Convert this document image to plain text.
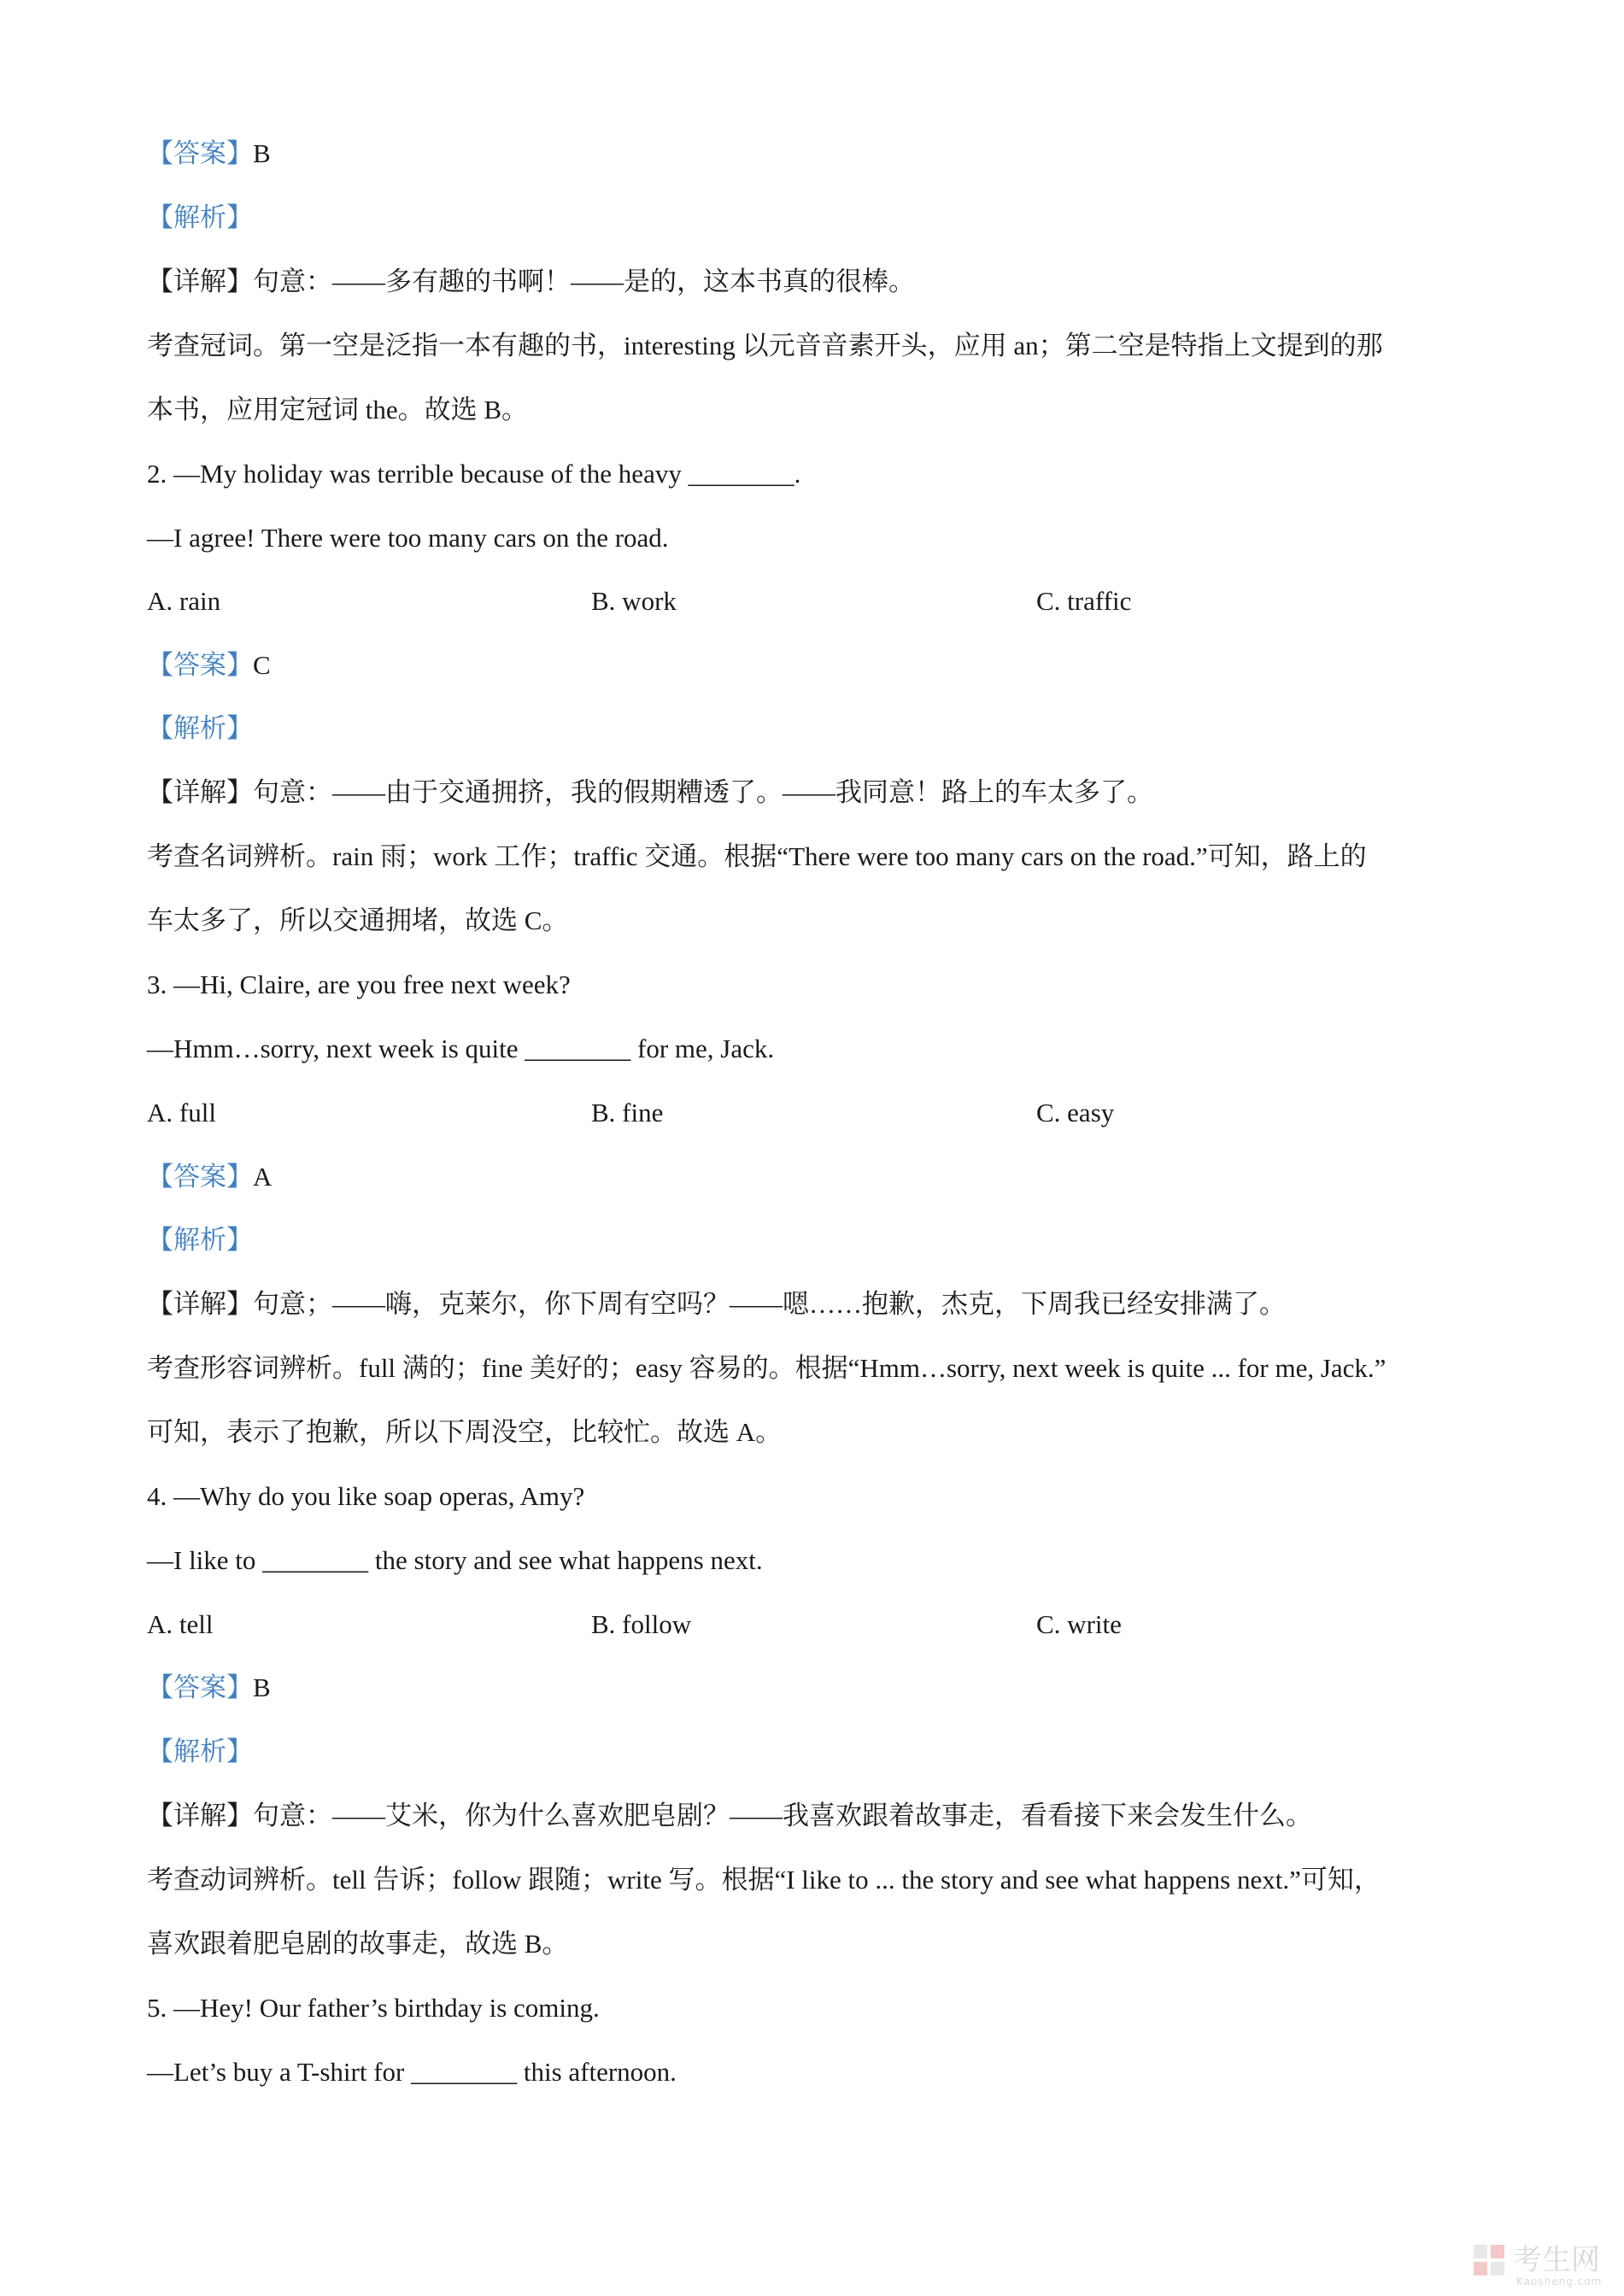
【答案】B
【解析】
【详解】句意：——多有趣的书啊！——是的，这本书真的很棒。
考查冠词。第一空是泛指一本有趣的书，interesting 以元音音素开头，应用 an；第二空是特指上文提到的那
本书，应用定冠词 the。故选 B。
2. —My holiday was terrible because of the heavy ________.
—I agree! There were too many cars on the road.
A. rain	B. work	C. traffic
【答案】C
【解析】
【详解】句意：——由于交通拥挤，我的假期糟透了。——我同意！路上的车太多了。
考查名词辨析。rain 雨；work 工作；traffic 交通。根据“There were too many cars on the road.”可知，路上的
车太多了，所以交通拥堵，故选 C。
3. —Hi, Claire, are you free next week?
—Hmm…sorry, next week is quite ________ for me, Jack.
A. full	B. fine	C. easy
【答案】A
【解析】
【详解】句意；——嗨，克莱尔，你下周有空吗？——嗯……抱歉，杰克，下周我已经安排满了。
考查形容词辨析。full 满的；fine 美好的；easy 容易的。根据“Hmm…sorry, next week is quite ... for me, Jack.”
可知，表示了抱歉，所以下周没空，比较忙。故选 A。
4. —Why do you like soap operas, Amy?
—I like to ________ the story and see what happens next.
A. tell	B. follow	C. write
【答案】B
【解析】
【详解】句意：——艾米，你为什么喜欢肥皂剧？——我喜欢跟着故事走，看看接下来会发生什么。
考查动词辨析。tell 告诉；follow 跟随；write 写。根据“I like to ... the story and see what happens next.”可知，
喜欢跟着肥皂剧的故事走，故选 B。
5. —Hey! Our father’s birthday is coming.
—Let’s buy a T-shirt for ________ this afternoon.
考生网
Kaosheng.com
